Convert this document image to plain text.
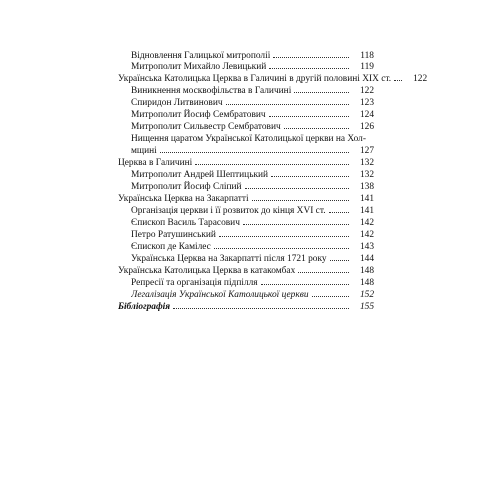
Відновлення Галицької митрополії	118
Митрополит Михайло Левицький	119
Українська Католицька Церква в Галичині в другій половині XIX ст.	122
Виникнення москвофільства в Галичині	122
Спиридон Литвинович	123
Митрополит Йосиф Сембратович	124
Митрополит Сильвестр Сембратович	126
Нищення царатом Української Католицької церкви на Хол-
мщині	127
Церква в Галичині	132
Митрополит Андрей Шептицький	132
Митрополит Йосиф Сліпий	138
Українська Церква на Закарпатті	141
Організація церкви і її розвиток до кінця XVI ст.	141
Єпископ Василь Тарасович	142
Петро Ратушинський	142
Єпископ де Камілес	143
Українська Церква на Закарпатті після 1721 року	144
Українська Католицька Церква в катакомбах	148
Репресії та організація підпілля	148
Легалізація Української Католицької церкви	152
Бібліографія	155
